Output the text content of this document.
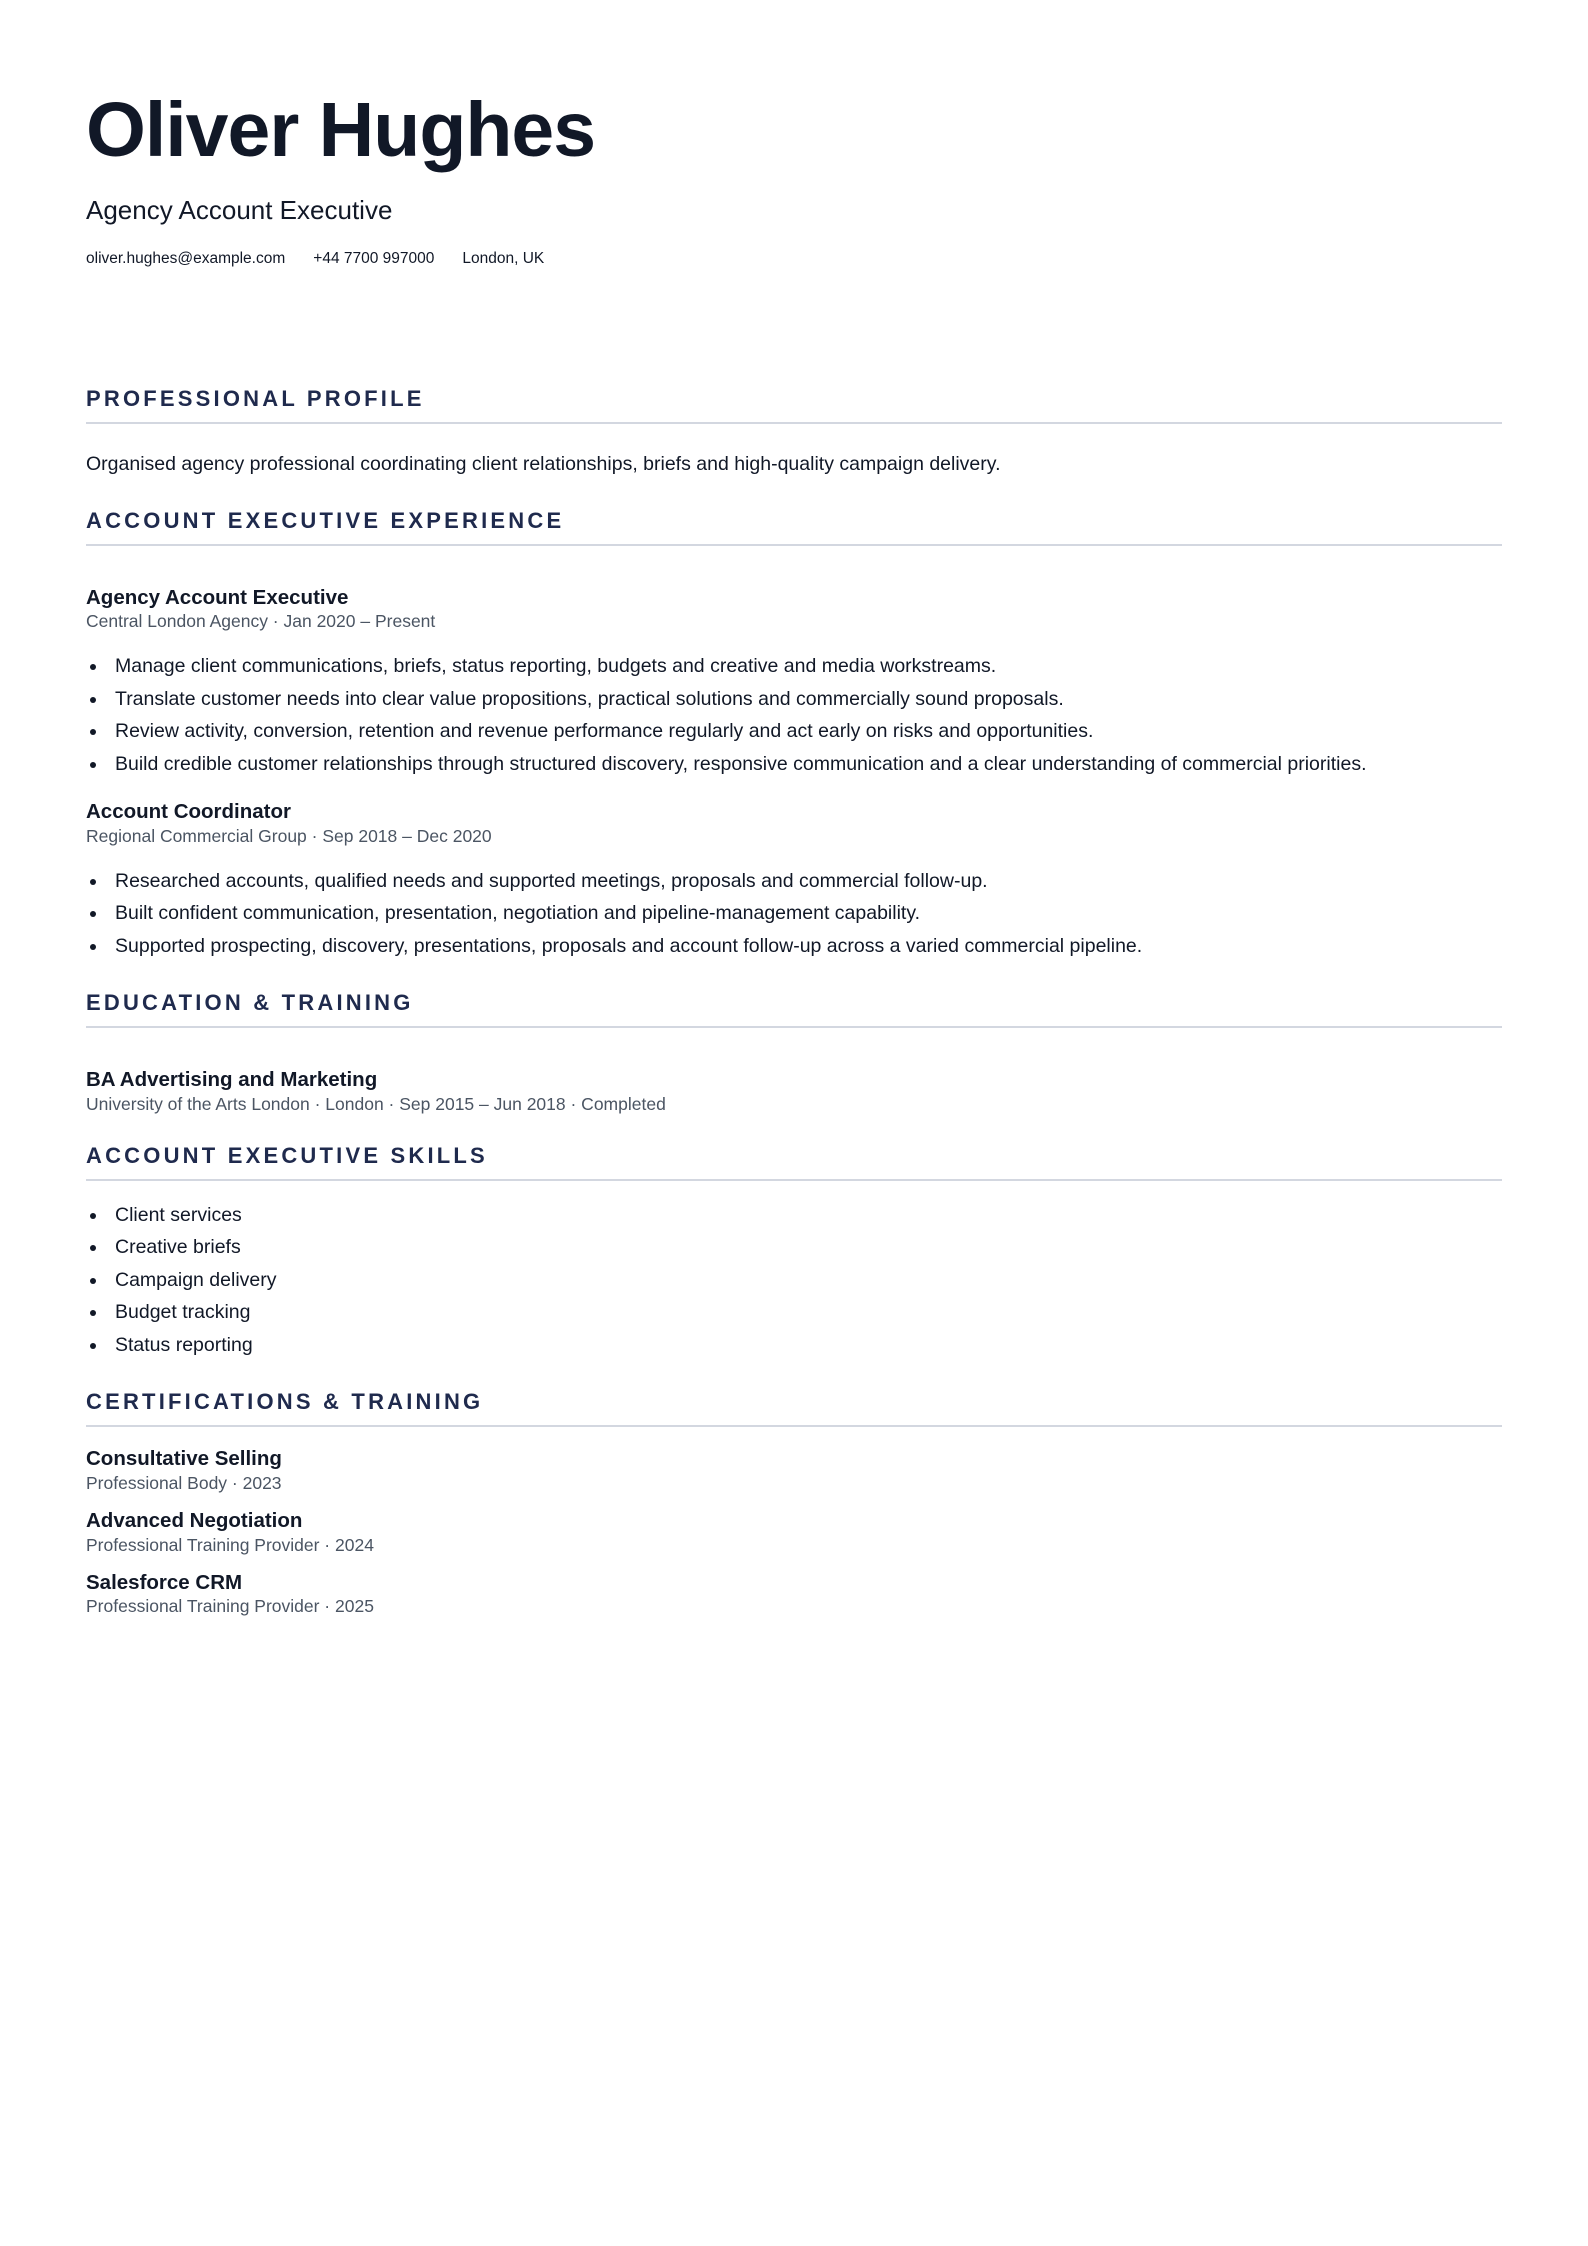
Oliver Hughes
Agency Account Executive
oliver.hughes@example.com +44 7700 997000 London, UK
PROFESSIONAL PROFILE

Organised agency professional coordinating client relationships, briefs and high-quality campaign delivery.

ACCOUNT EXECUTIVE EXPERIENCE
Agency Account Executive
Central London Agency · Jan 2020 – Present
Manage client communications, briefs, status reporting, budgets and creative and media workstreams.
Translate customer needs into clear value propositions, practical solutions and commercially sound proposals.
Review activity, conversion, retention and revenue performance regularly and act early on risks and opportunities.
Build credible customer relationships through structured discovery, responsive communication and a clear understanding of commercial priorities.
Account Coordinator
Regional Commercial Group · Sep 2018 – Dec 2020
Researched accounts, qualified needs and supported meetings, proposals and commercial follow-up.
Built confident communication, presentation, negotiation and pipeline-management capability.
Supported prospecting, discovery, presentations, proposals and account follow-up across a varied commercial pipeline.
EDUCATION & TRAINING
BA Advertising and Marketing
University of the Arts London · London · Sep 2015 – Jun 2018 · Completed
ACCOUNT EXECUTIVE SKILLS
Client services
Creative briefs
Campaign delivery
Budget tracking
Status reporting
CERTIFICATIONS & TRAINING
Consultative Selling
Professional Body · 2023
Advanced Negotiation
Professional Training Provider · 2024
Salesforce CRM
Professional Training Provider · 2025
